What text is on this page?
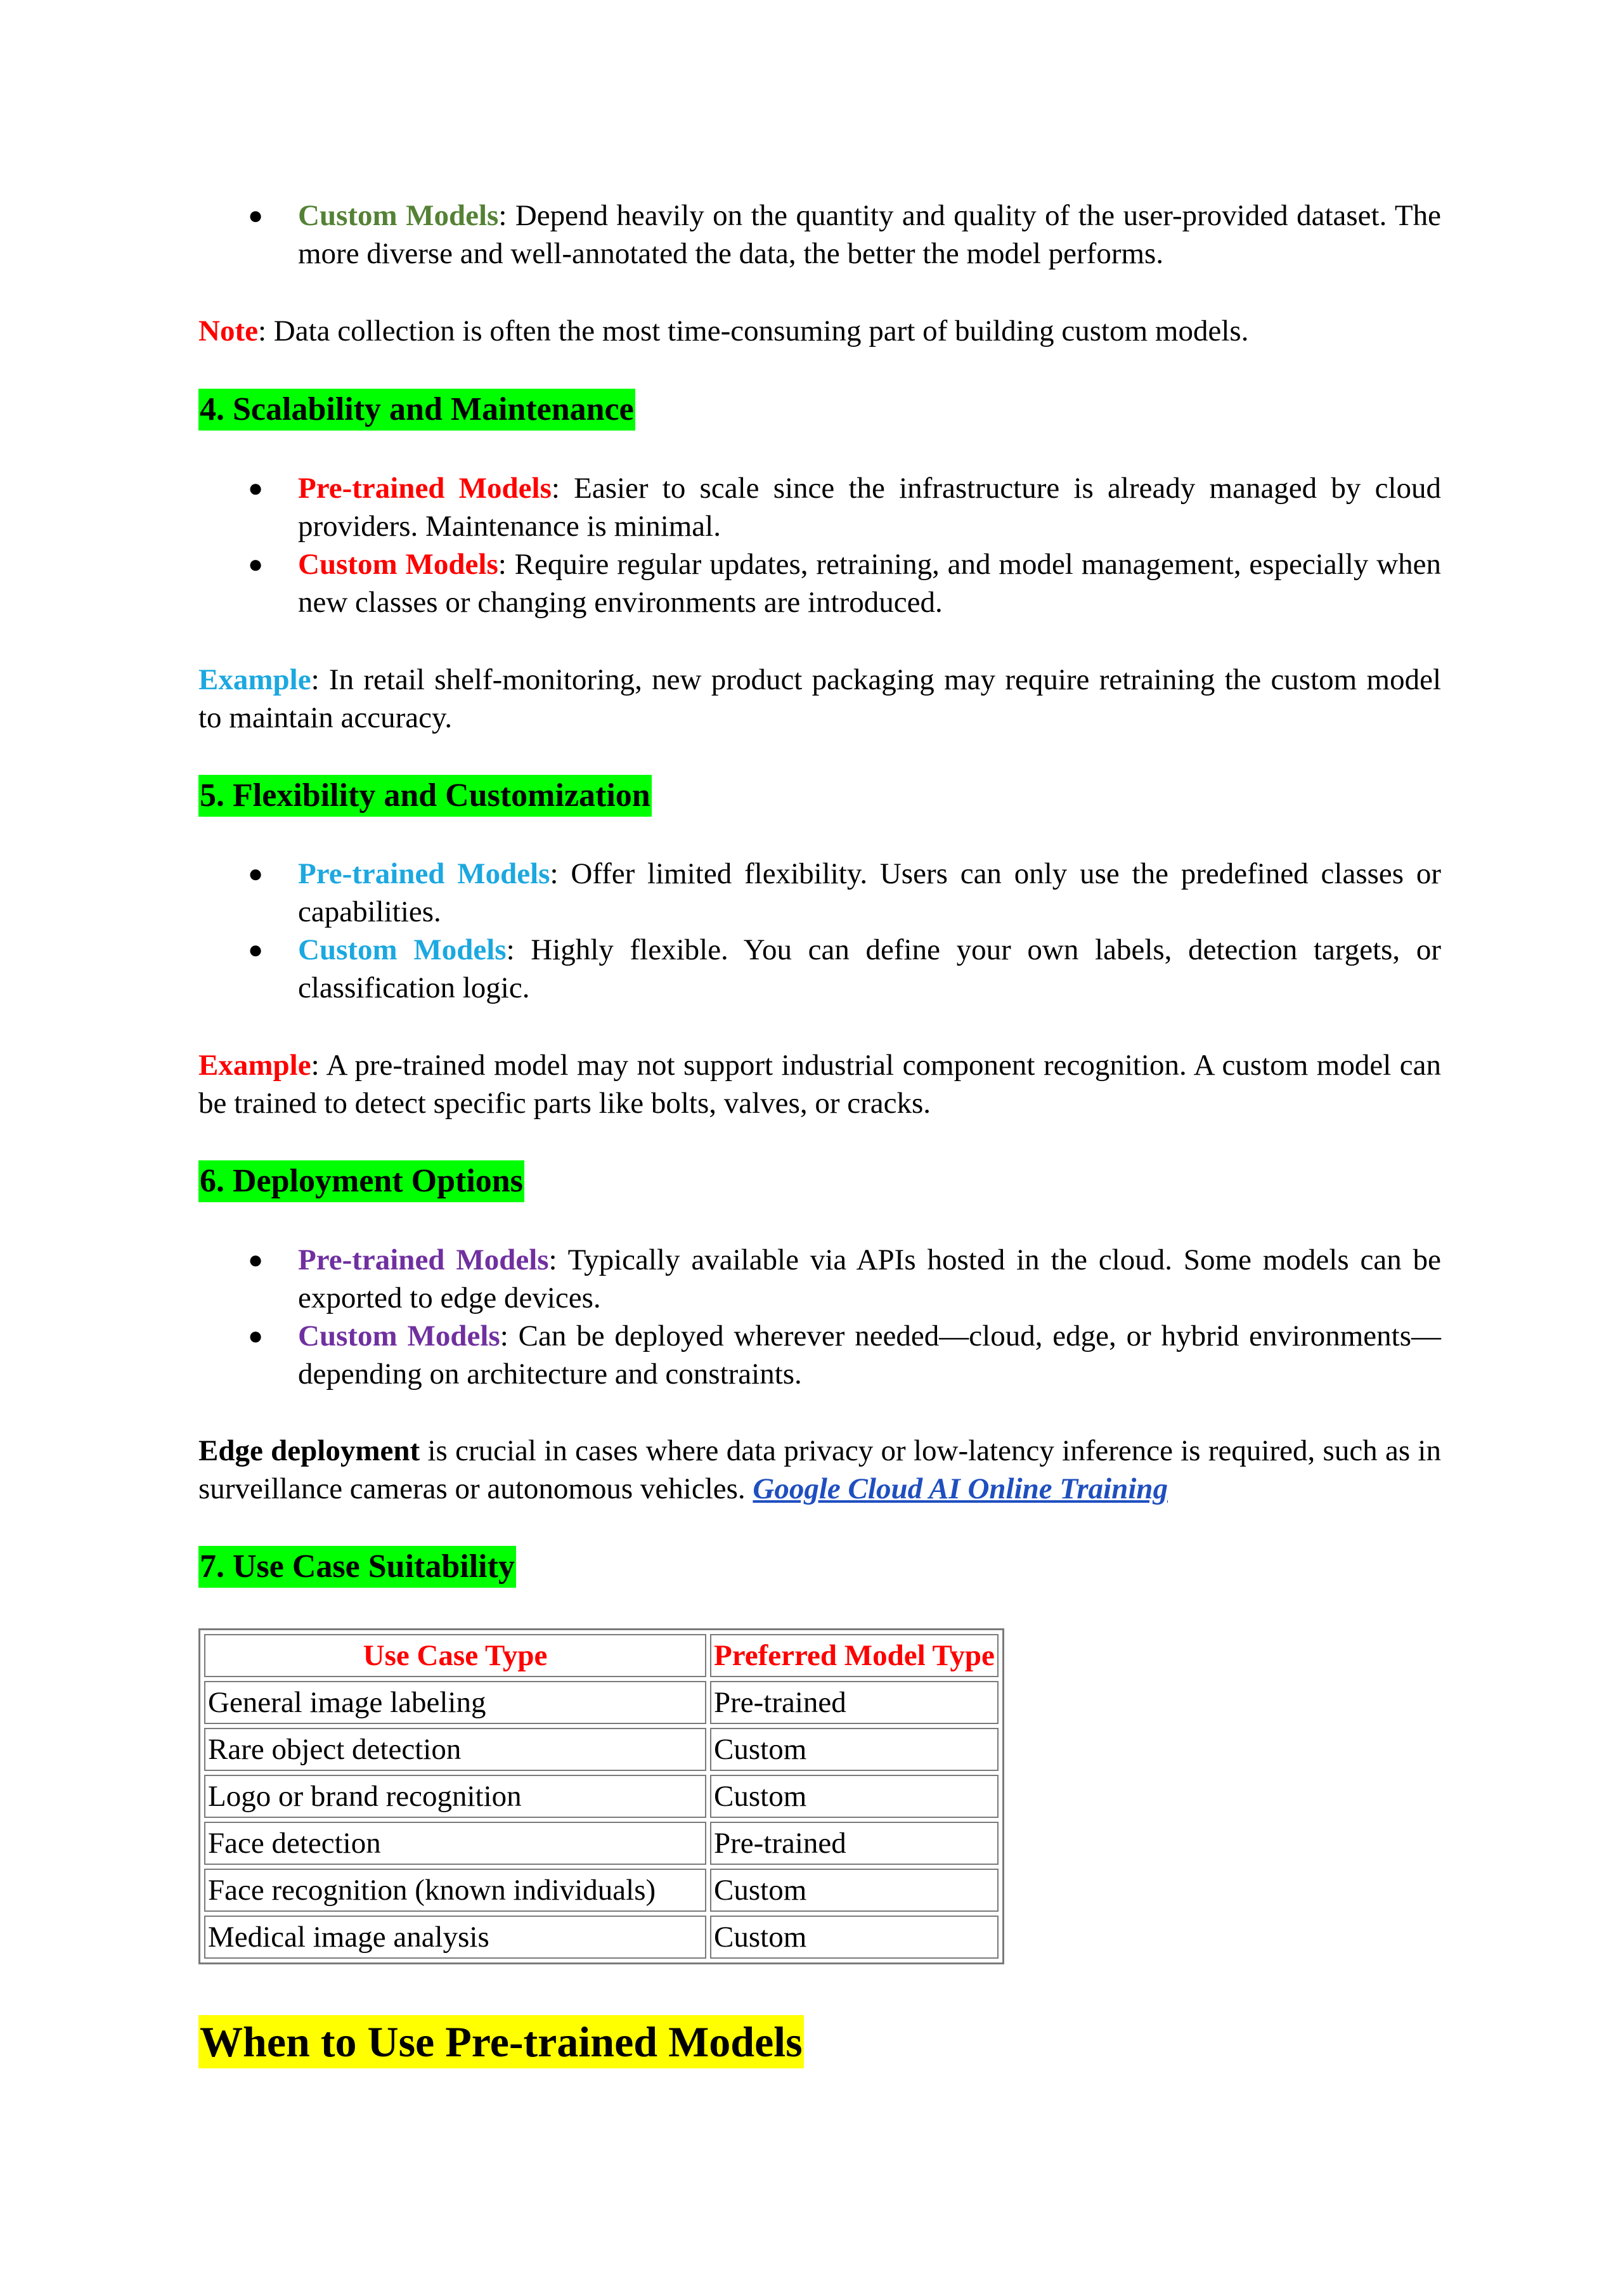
● Custom Models: Depend heavily on the quantity and quality of the user-provided dataset. The more diverse and well-annotated the data, the better the model performs.

Note: Data collection is often the most time-consuming part of building custom models.

4. Scalability and Maintenance
● Pre-trained Models: Easier to scale since the infrastructure is already managed by cloud providers. Maintenance is minimal.
● Custom Models: Require regular updates, retraining, and model management, especially when new classes or changing environments are introduced.

Example: In retail shelf-monitoring, new product packaging may require retraining the custom model to maintain accuracy.

5. Flexibility and Customization
● Pre-trained Models: Offer limited flexibility. Users can only use the predefined classes or capabilities.
● Custom Models: Highly flexible. You can define your own labels, detection targets, or classification logic.

Example: A pre-trained model may not support industrial component recognition. A custom model can be trained to detect specific parts like bolts, valves, or cracks.

6. Deployment Options
● Pre-trained Models: Typically available via APIs hosted in the cloud. Some models can be exported to edge devices.
● Custom Models: Can be deployed wherever needed—cloud, edge, or hybrid environments—depending on architecture and constraints.

Edge deployment is crucial in cases where data privacy or low-latency inference is required, such as in surveillance cameras or autonomous vehicles. Google Cloud AI Online Training

7. Use Case Suitability
Use Case Type	Preferred Model Type
General image labeling	Pre-trained
Rare object detection	Custom
Logo or brand recognition	Custom
Face detection	Pre-trained
Face recognition (known individuals)	Custom
Medical image analysis	Custom
When to Use Pre-trained Models
